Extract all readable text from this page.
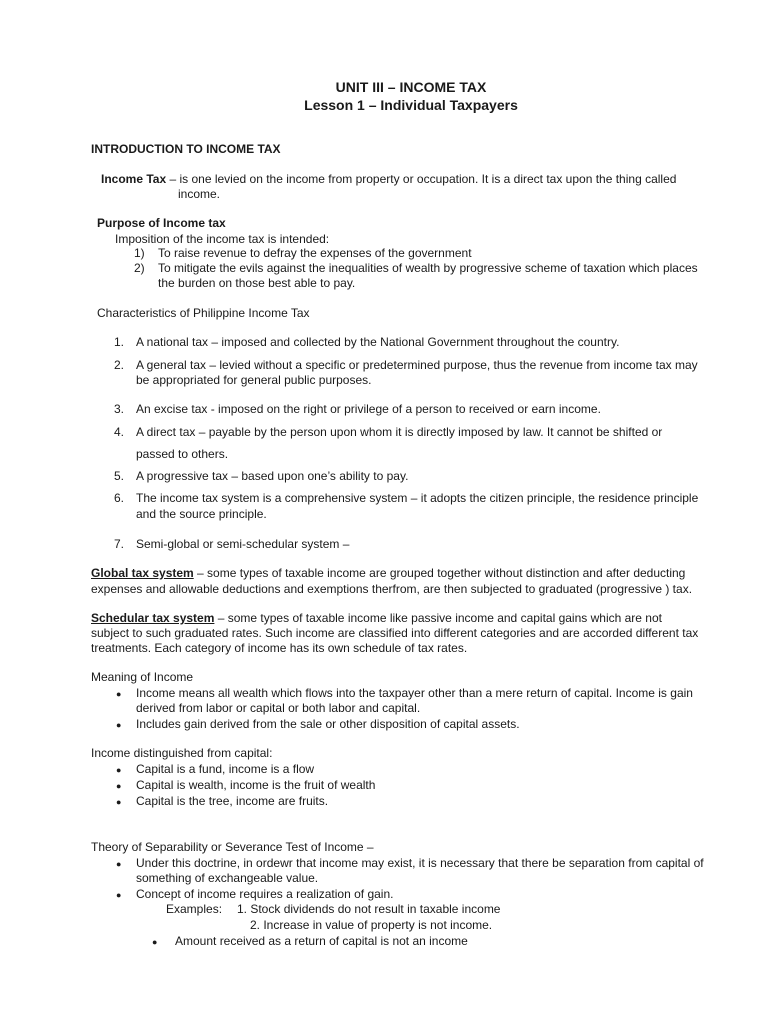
UNIT III – INCOME TAX
Lesson 1 – Individual Taxpayers
INTRODUCTION TO INCOME TAX
Income Tax – is one levied on the income from property or occupation. It is a direct tax upon the thing called
income.
Purpose of Income tax
Imposition of the income tax is intended:
1) To raise revenue to defray the expenses of the government
2) To mitigate the evils against the inequalities of wealth by progressive scheme of taxation which places
the burden on those best able to pay.
Characteristics of Philippine Income Tax
1. A national tax – imposed and collected by the National Government throughout the country.
2. A general tax – levied without a specific or predetermined purpose, thus the revenue from income tax may
be appropriated for general public purposes.
3. An excise tax - imposed on the right or privilege of a person to received or earn income.
4. A direct tax – payable by the person upon whom it is directly imposed by law. It cannot be shifted or
passed to others.
5. A progressive tax – based upon one’s ability to pay.
6. The income tax system is a comprehensive system – it adopts the citizen principle, the residence principle
and the source principle.
7. Semi-global or semi-schedular system –
Global tax system – some types of taxable income are grouped together without distinction and after deducting
expenses and allowable deductions and exemptions therfrom, are then subjected to graduated (progressive ) tax.
Schedular tax system – some types of taxable income like passive income and capital gains which are not
subject to such graduated rates. Such income are classified into different categories and are accorded different tax
treatments. Each category of income has its own schedule of tax rates.
Meaning of Income
● Income means all wealth which flows into the taxpayer other than a mere return of capital. Income is gain
derived from labor or capital or both labor and capital.
● Includes gain derived from the sale or other disposition of capital assets.
Income distinguished from capital:
● Capital is a fund, income is a flow
● Capital is wealth, income is the fruit of wealth
● Capital is the tree, income are fruits.
Theory of Separability or Severance Test of Income –
● Under this doctrine, in ordewr that income may exist, it is necessary that there be separation from capital of
something of exchangeable value.
● Concept of income requires a realization of gain.
Examples: 1. Stock dividends do not result in taxable income
2. Increase in value of property is not income.
● Amount received as a return of capital is not an income
